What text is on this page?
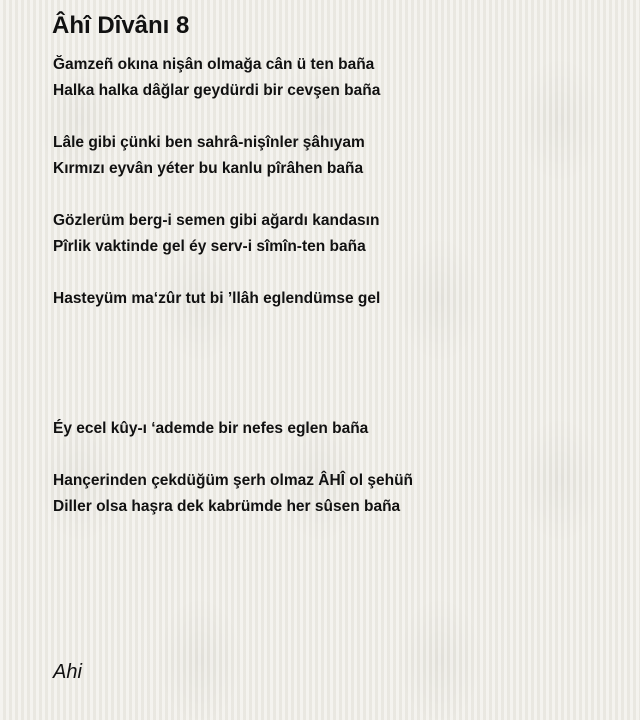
Âhî Dîvânı 8
Ğamzeñ okına nişân olmağa cân ü ten baña
Halka halka dâğlar geydürdi bir cevşen baña
Lâle gibi çünki ben sahrâ-nişînler şâhıyam
Kırmızı eyvân yéter bu kanlu pîrâhen baña
Gözlerüm berg-i semen gibi ağardı kandasın
Pîrlik vaktinde gel éy serv-i sîmîn-ten baña
Hasteyüm ma‘zûr tut bi ’llâh eglendümse gel
Éy ecel kûy-ı ‘ademde bir nefes eglen baña
Hançerinden çekdüğüm şerh olmaz ÂHÎ ol şehüñ
Diller olsa haşra dek kabrümde her sûsen baña
Ahi
